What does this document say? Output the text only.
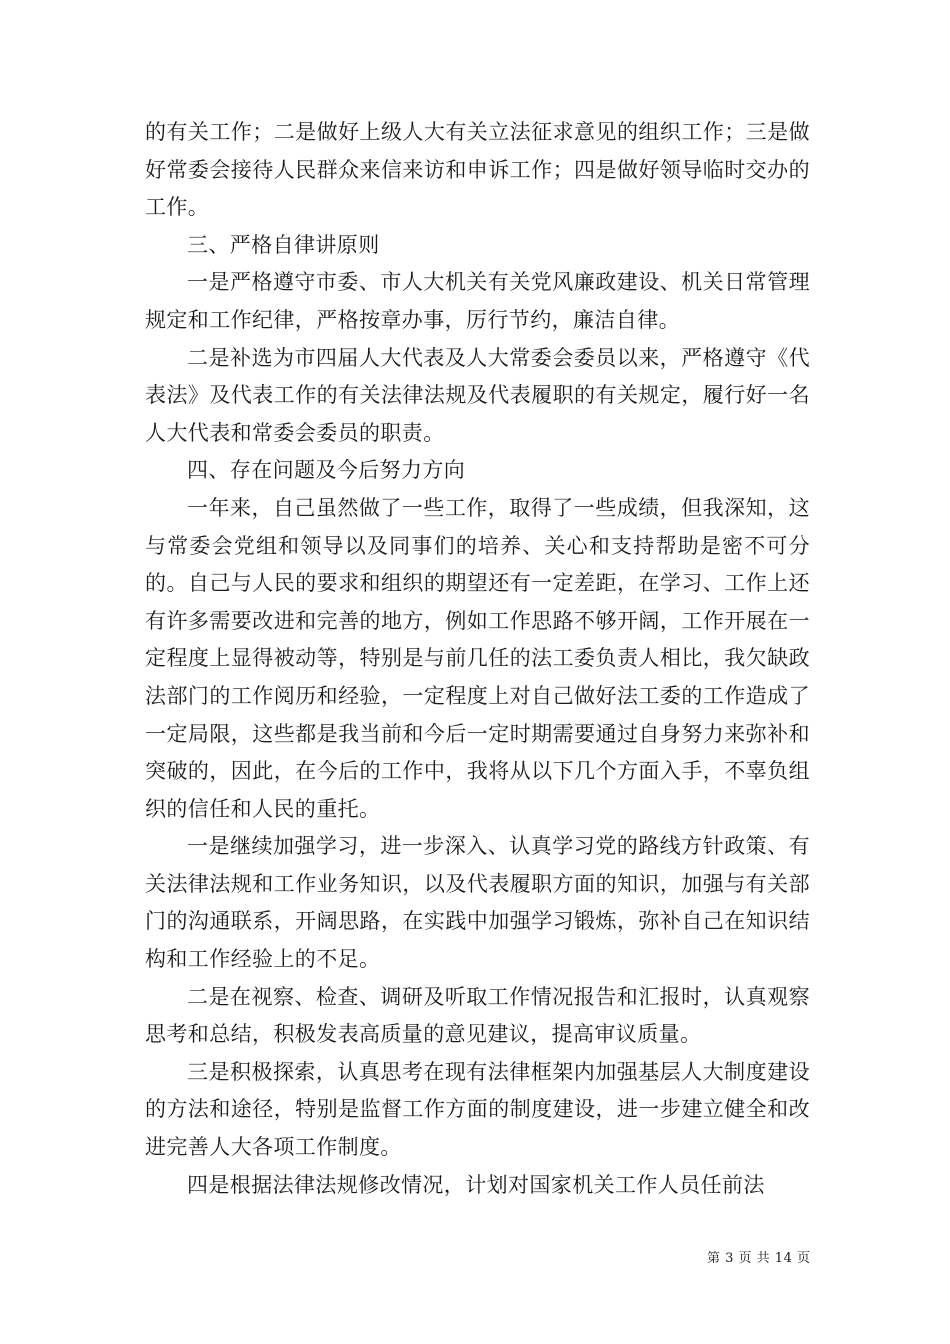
的有关工作；二是做好上级人大有关立法征求意见的组织工作；三是做好常委会接待人民群众来信来访和申诉工作；四是做好领导临时交办的工作。

三、严格自律讲原则

一是严格遵守市委、市人大机关有关党风廉政建设、机关日常管理规定和工作纪律，严格按章办事，厉行节约，廉洁自律。

二是补选为市四届人大代表及人大常委会委员以来，严格遵守《代表法》及代表工作的有关法律法规及代表履职的有关规定，履行好一名人大代表和常委会委员的职责。

四、存在问题及今后努力方向

一年来，自己虽然做了一些工作，取得了一些成绩，但我深知，这与常委会党组和领导以及同事们的培养、关心和支持帮助是密不可分的。自己与人民的要求和组织的期望还有一定差距，在学习、工作上还有许多需要改进和完善的地方，例如工作思路不够开阔，工作开展在一定程度上显得被动等，特别是与前几任的法工委负责人相比，我欠缺政法部门的工作阅历和经验，一定程度上对自己做好法工委的工作造成了一定局限，这些都是我当前和今后一定时期需要通过自身努力来弥补和突破的，因此，在今后的工作中，我将从以下几个方面入手，不辜负组织的信任和人民的重托。

一是继续加强学习，进一步深入、认真学习党的路线方针政策、有关法律法规和工作业务知识，以及代表履职方面的知识，加强与有关部门的沟通联系，开阔思路，在实践中加强学习锻炼，弥补自己在知识结构和工作经验上的不足。

二是在视察、检查、调研及听取工作情况报告和汇报时，认真观察思考和总结，积极发表高质量的意见建议，提高审议质量。

三是积极探索，认真思考在现有法律框架内加强基层人大制度建设的方法和途径，特别是监督工作方面的制度建设，进一步建立健全和改进完善人大各项工作制度。

四是根据法律法规修改情况，计划对国家机关工作人员任前法

第 3 页 共 14 页
